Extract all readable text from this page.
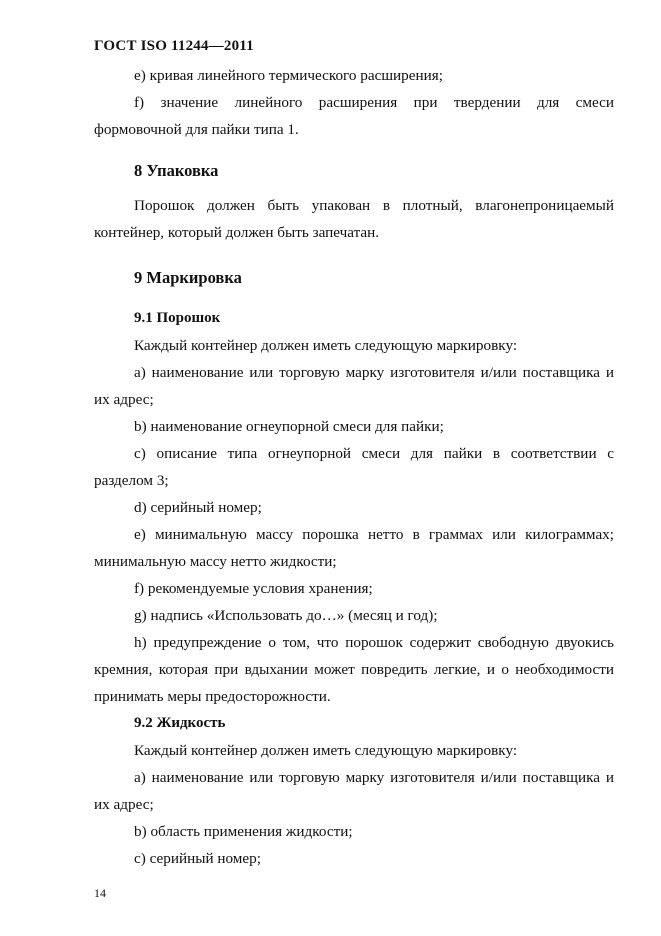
ГОСТ ISO 11244—2011

e) кривая линейного термического расширения;

f) значение линейного расширения при твердении для смеси формовочной для пайки типа 1.

8 Упаковка

Порошок должен быть упакован в плотный, влагонепроницаемый контейнер, который должен быть запечатан.

9 Маркировка
9.1 Порошок

Каждый контейнер должен иметь следующую маркировку:

a) наименование или торговую марку изготовителя и/или поставщика и их адрес;

b) наименование огнеупорной смеси для пайки;

c) описание типа огнеупорной смеси для пайки в соответствии с разделом 3;

d) серийный номер;

e) минимальную массу порошка нетто в граммах или килограммах; минимальную массу нетто жидкости;

f) рекомендуемые условия хранения;

g) надпись «Использовать до…» (месяц и год);

h) предупреждение о том, что порошок содержит свободную двуокись кремния, которая при вдыхании может повредить легкие, и о необходимости принимать меры предосторожности.

9.2 Жидкость

Каждый контейнер должен иметь следующую маркировку:

a) наименование или торговую марку изготовителя и/или поставщика и их адрес;

b) область применения жидкости;

c) серийный номер;

14
